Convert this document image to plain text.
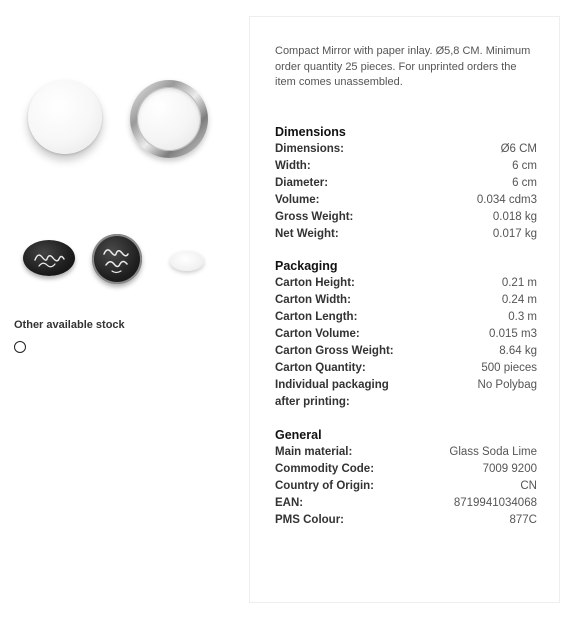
Other available stock
Compact Mirror with paper inlay. Ø5,8 CM. Minimum order quantity 25 pieces. For unprinted orders the item comes unassembled.
Dimensions
Dimensions:	Ø6 CM
Width:	6 cm
Diameter:	6 cm
Volume:	0.034 cdm3
Gross Weight:	0.018 kg
Net Weight:	0.017 kg
Packaging
Carton Height:	0.21 m
Carton Width:	0.24 m
Carton Length:	0.3 m
Carton Volume:	0.015 m3
Carton Gross Weight:	8.64 kg
Carton Quantity:	500 pieces
Individual packaging after printing:
No Polybag
General
Main material:	Glass Soda Lime
Commodity Code:	7009 9200
Country of Origin:	CN
EAN:	8719941034068
PMS Colour:	877C
